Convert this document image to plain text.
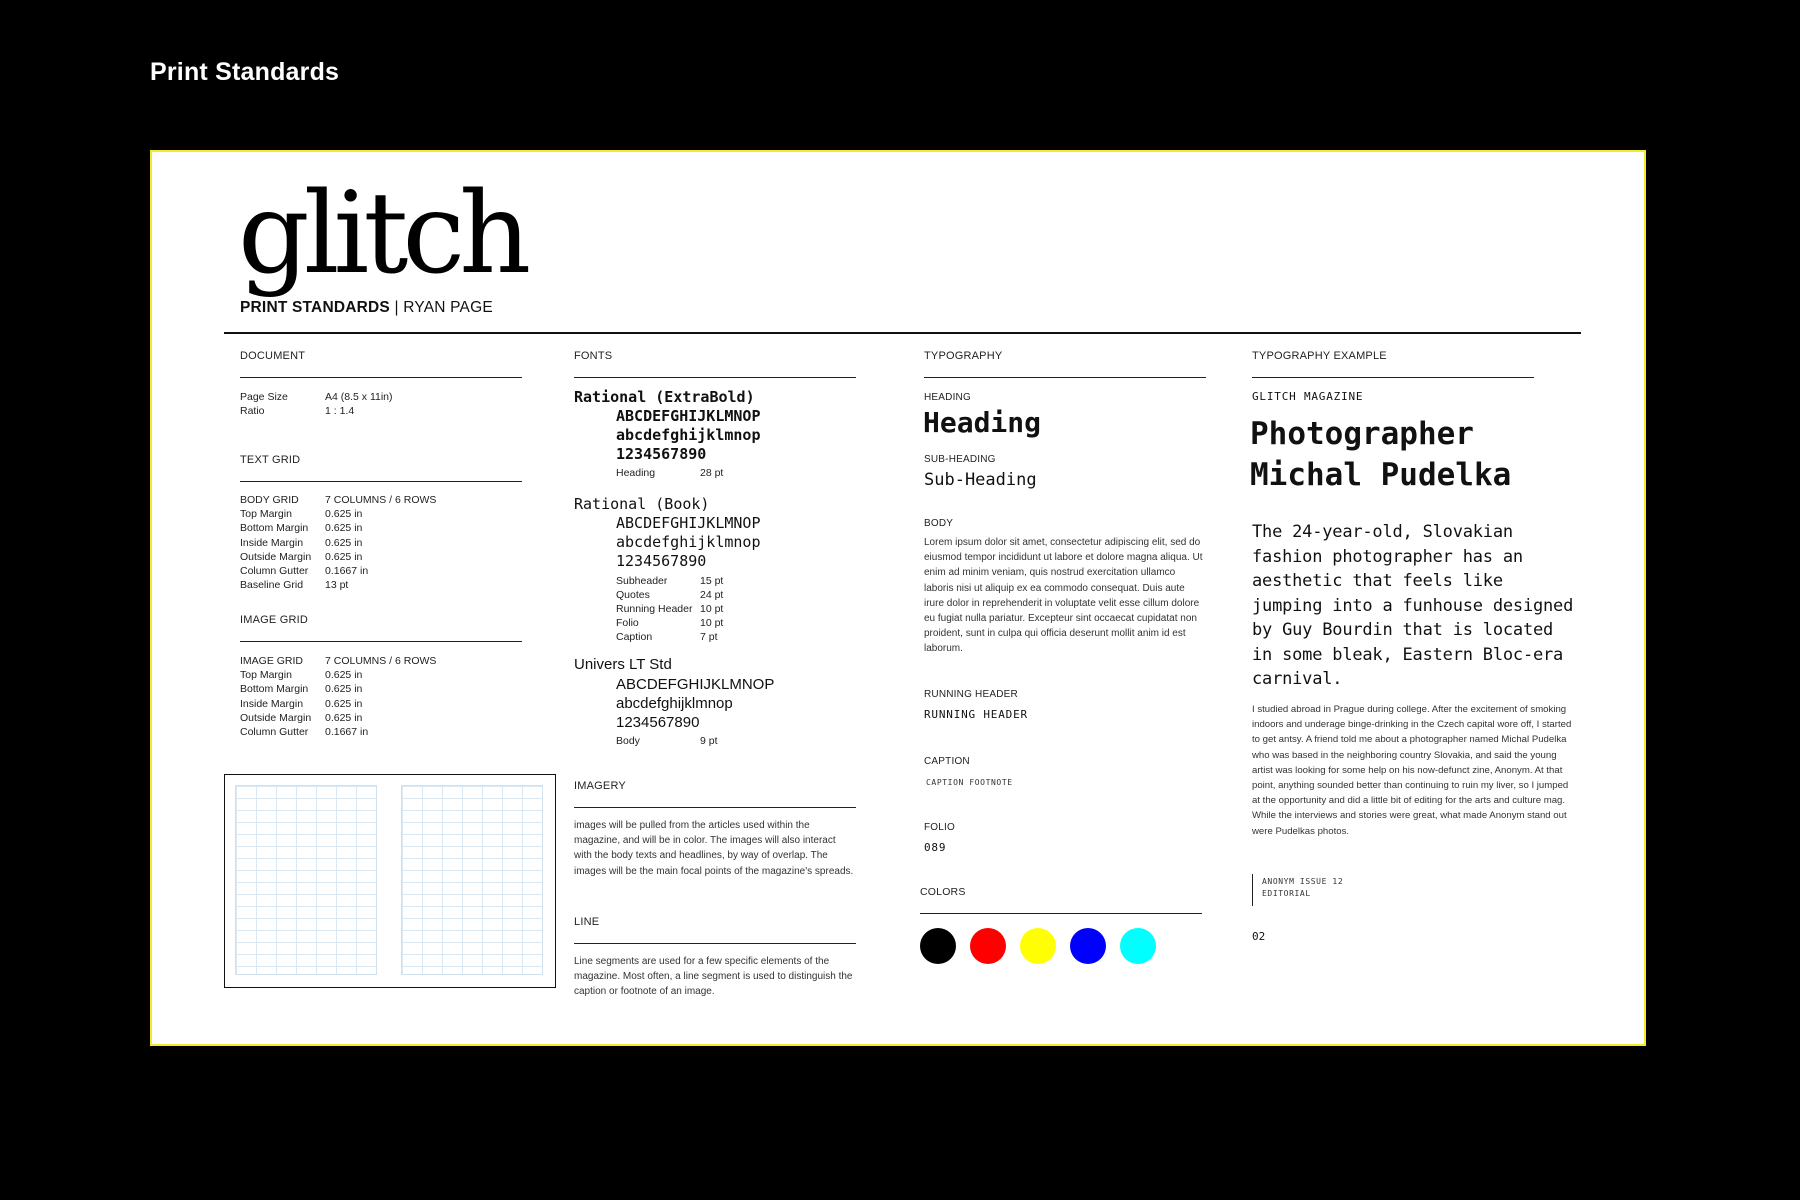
Print Standards
glitch
PRINT STANDARDS | RYAN PAGE
DOCUMENT
Page Size	A4 (8.5 x 11in)
Ratio	1 : 1.4
TEXT GRID
BODY GRID	7 COLUMNS / 6 ROWS
Top Margin	0.625 in
Bottom Margin	0.625 in
Inside Margin	0.625 in
Outside Margin	0.625 in
Column Gutter	0.1667 in
Baseline Grid	13 pt
IMAGE GRID
IMAGE GRID	7 COLUMNS / 6 ROWS
Top Margin	0.625 in
Bottom Margin	0.625 in
Inside Margin	0.625 in
Outside Margin	0.625 in
Column Gutter	0.1667 in
FONTS
Rational (ExtraBold)
ABCDEFGHIJKLMNOP
abcdefghijklmnop
1234567890
Heading	28 pt
Rational (Book)
ABCDEFGHIJKLMNOP
abcdefghijklmnop
1234567890
Subheader	15 pt
Quotes	24 pt
Running Header 10 pt
Folio	10 pt
Caption	7 pt
Univers LT Std
ABCDEFGHIJKLMNOP
abcdefghijklmnop
1234567890
Body	9 pt
IMAGERY
images will be pulled from the articles used within the magazine, and will be in color. The images will also interact with the body texts and headlines, by way of overlap. The images will be the main focal points of the magazine's spreads.
LINE
Line segments are used for a few specific elements of the magazine. Most often, a line segment is used to distinguish the caption or footnote of an image.
TYPOGRAPHY
HEADING
Heading
SUB-HEADING
Sub-Heading
BODY
Lorem ipsum dolor sit amet, consectetur adipiscing elit, sed do eiusmod tempor incididunt ut labore et dolore magna aliqua. Ut enim ad minim veniam, quis nostrud exercitation ullamco laboris nisi ut aliquip ex ea commodo consequat. Duis aute irure dolor in reprehenderit in voluptate velit esse cillum dolore eu fugiat nulla pariatur. Excepteur sint occaecat cupidatat non proident, sunt in culpa qui officia deserunt mollit anim id est laborum.
RUNNING HEADER
RUNNING HEADER
CAPTION
CAPTION FOOTNOTE
FOLIO
089
COLORS
TYPOGRAPHY EXAMPLE
GLITCH MAGAZINE
Photographer
Michal Pudelka
The 24-year-old, Slovakian fashion photographer has an aesthetic that feels like jumping into a funhouse designed by Guy Bourdin that is located in some bleak, Eastern Bloc-era carnival.
I studied abroad in Prague during college. After the excitement of smoking indoors and underage binge-drinking in the Czech capital wore off, I started to get antsy. A friend told me about a photographer named Michal Pudelka who was based in the neighboring country Slovakia, and said the young artist was looking for some help on his now-defunct zine, Anonym. At that point, anything sounded better than continuing to ruin my liver, so I jumped at the opportunity and did a little bit of editing for the arts and culture mag. While the interviews and stories were great, what made Anonym stand out were Pudelkas photos.
ANONYM ISSUE 12
EDITORIAL
02
